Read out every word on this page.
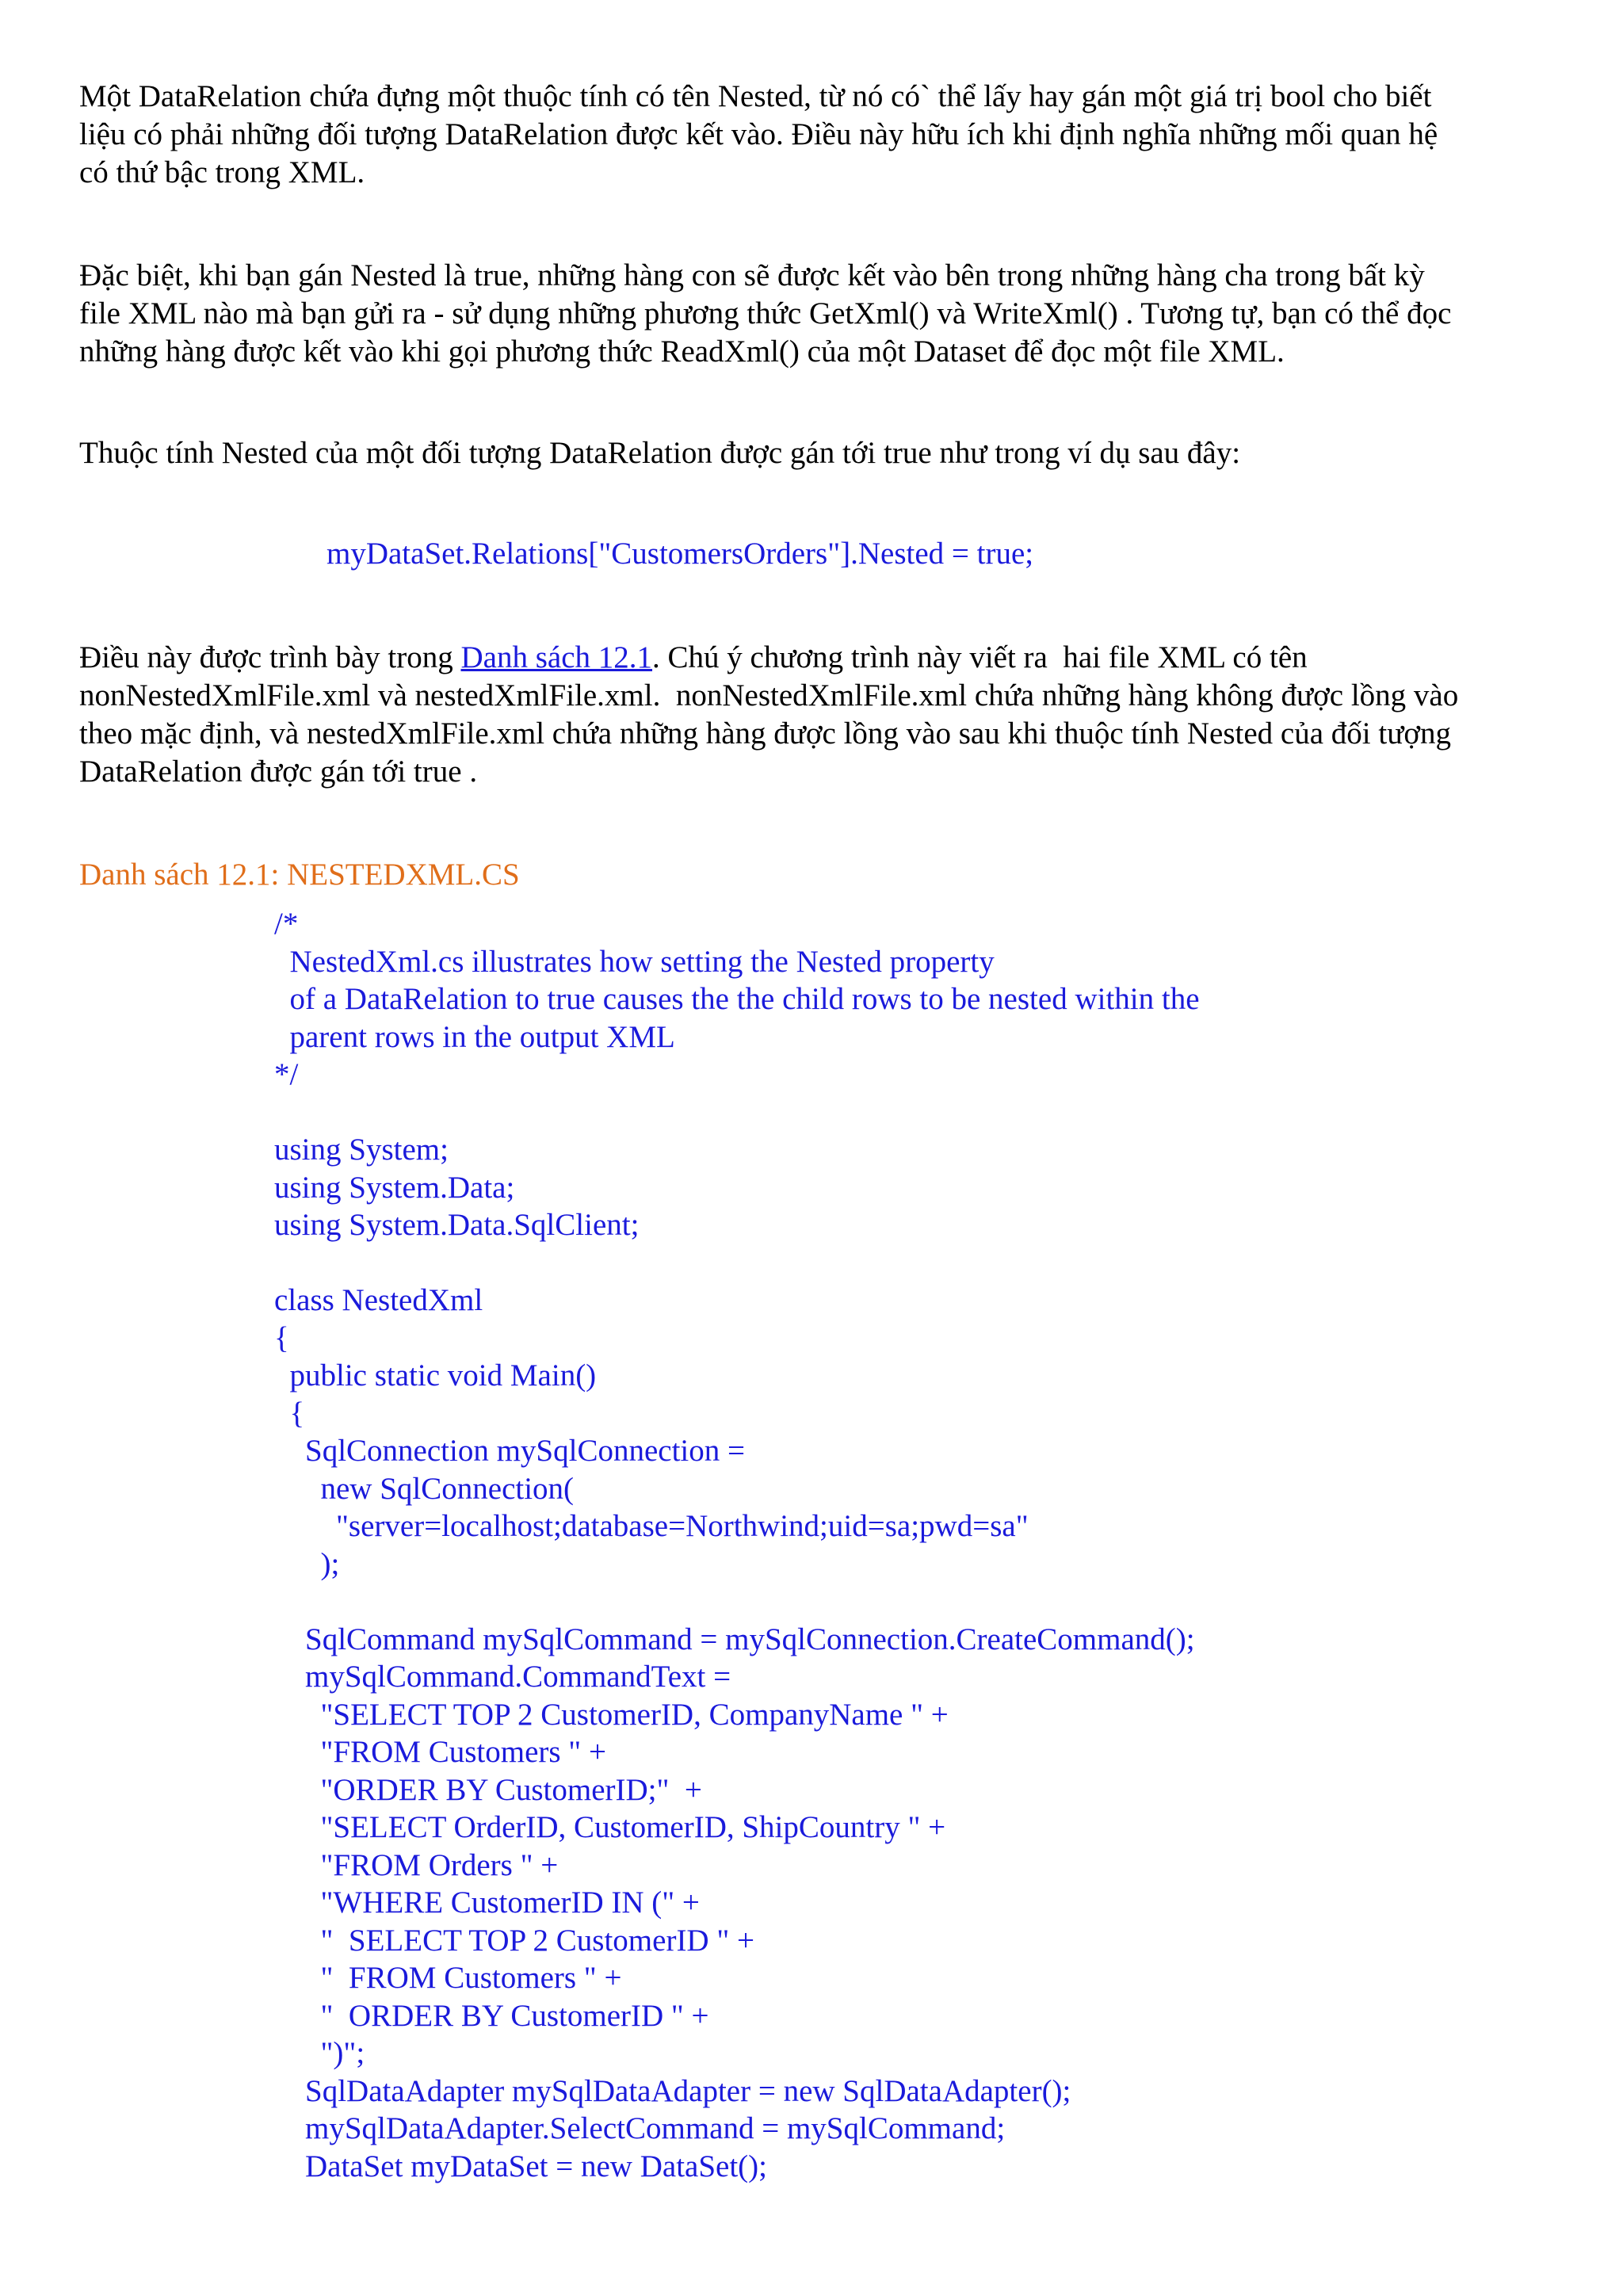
Một DataRelation chứa đựng một thuộc tính có tên Nested, từ nó có` thể lấy hay gán một giá trị bool cho biết
liệu có phải những đối tượng DataRelation được kết vào. Điều này hữu ích khi định nghĩa những mối quan hệ
có thứ bậc trong XML.

Đặc biệt, khi bạn gán Nested là true, những hàng con sẽ được kết vào bên trong những hàng cha trong bất kỳ
file XML nào mà bạn gửi ra - sử dụng những phương thức GetXml() và WriteXml() . Tương tự, bạn có thể đọc
những hàng được kết vào khi gọi phương thức ReadXml() của một Dataset để đọc một file XML.

Thuộc tính Nested của một đối tượng DataRelation được gán tới true như trong ví dụ sau đây:

Điều này được trình bày trong Danh sách 12.1. Chú ý chương trình này viết ra  hai file XML có tên
nonNestedXmlFile.xml và nestedXmlFile.xml.  nonNestedXmlFile.xml chứa những hàng không được lồng vào
theo mặc định, và nestedXmlFile.xml chứa những hàng được lồng vào sau khi thuộc tính Nested của đối tượng
DataRelation được gán tới true .

myDataSet.Relations["CustomersOrders"].Nested = true;
Danh sách 12.1: NESTEDXML.CS
/*
NestedXml.cs illustrates how setting the Nested property
of a DataRelation to true causes the the child rows to be nested within the
parent rows in the output XML
*/
using System;
using System.Data;
using System.Data.SqlClient;
class NestedXml
{
public static void Main()
{
SqlConnection mySqlConnection =
new SqlConnection(
"server=localhost;database=Northwind;uid=sa;pwd=sa"
);
SqlCommand mySqlCommand = mySqlConnection.CreateCommand();
mySqlCommand.CommandText =
"SELECT TOP 2 CustomerID, CompanyName " +
"FROM Customers " +
"ORDER BY CustomerID;"  +
"SELECT OrderID, CustomerID, ShipCountry " +
"FROM Orders " +
"WHERE CustomerID IN (" +
"  SELECT TOP 2 CustomerID " +
"  FROM Customers " +
"  ORDER BY CustomerID " +
")";
SqlDataAdapter mySqlDataAdapter = new SqlDataAdapter();
mySqlDataAdapter.SelectCommand = mySqlCommand;
DataSet myDataSet = new DataSet();
